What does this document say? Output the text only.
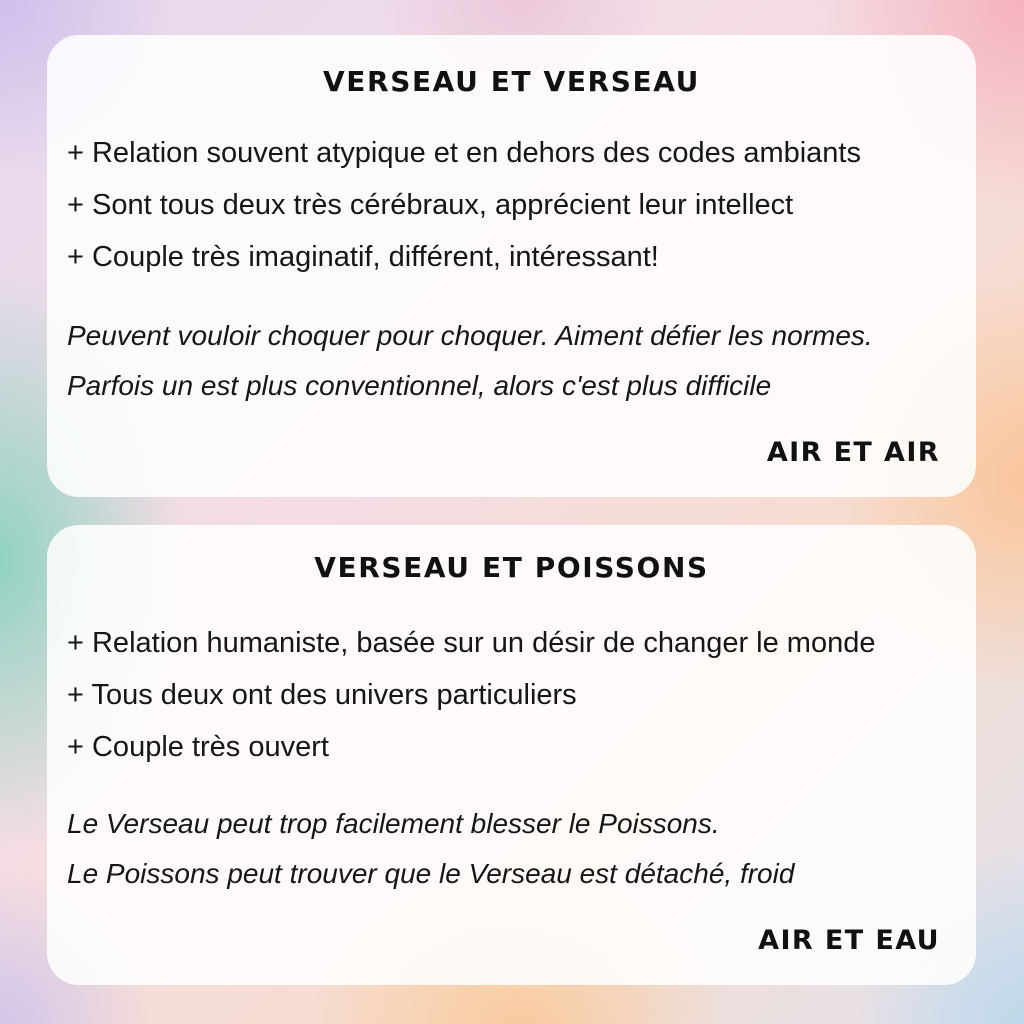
VERSEAU ET VERSEAU
+ Relation souvent atypique et en dehors des codes ambiants
+ Sont tous deux très cérébraux, apprécient leur intellect
+ Couple très imaginatif, différent, intéressant!
Peuvent vouloir choquer pour choquer. Aiment défier les normes.
Parfois un est plus conventionnel, alors c'est plus difficile
AIR ET AIR
VERSEAU ET POISSONS
+ Relation humaniste, basée sur un désir de changer le monde
+ Tous deux ont des univers particuliers
+ Couple très ouvert
Le Verseau peut trop facilement blesser le Poissons.
Le Poissons peut trouver que le Verseau est détaché, froid
AIR ET EAU
